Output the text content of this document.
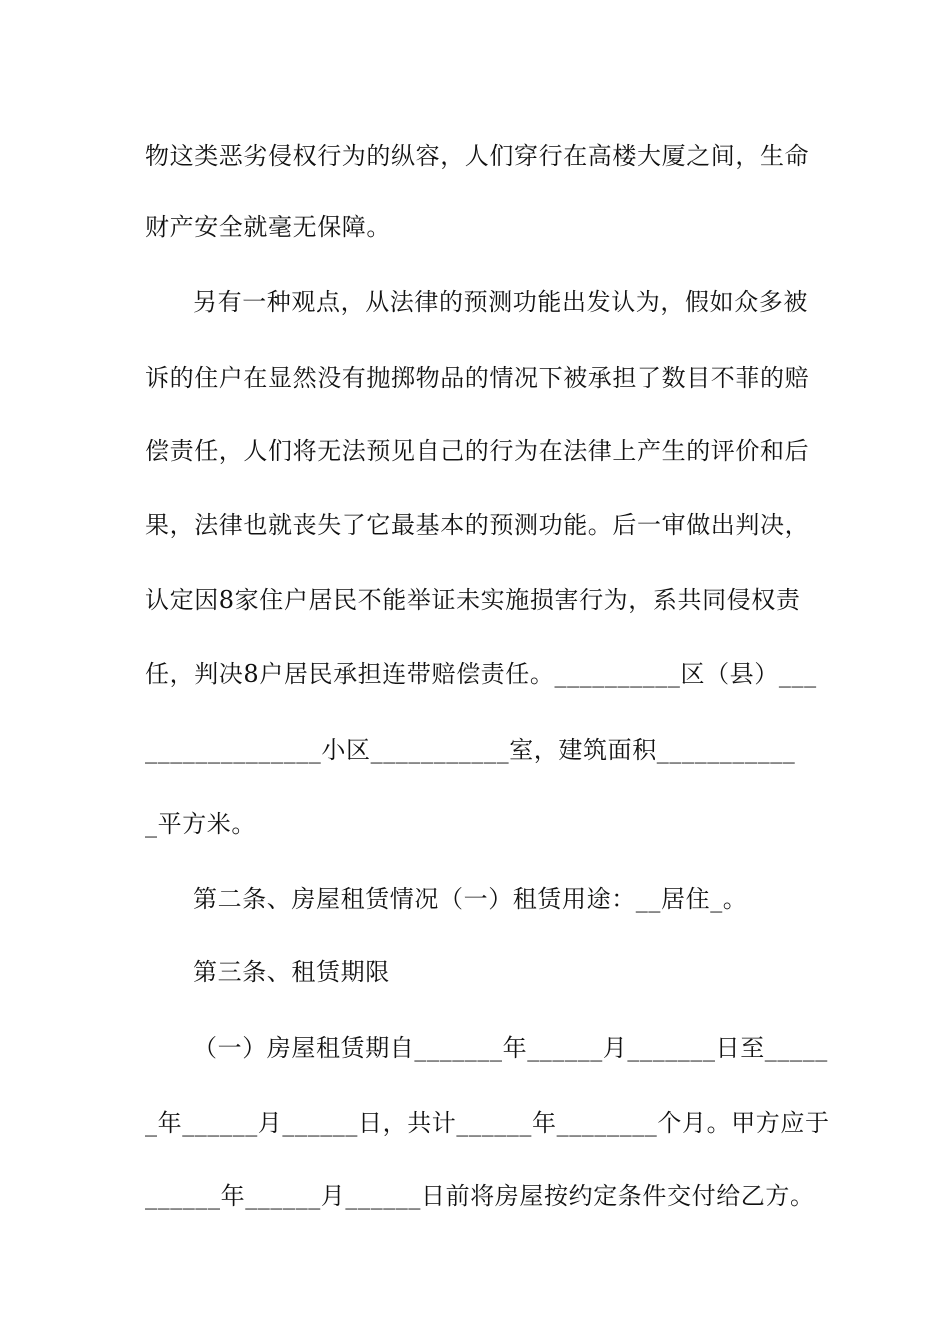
物这类恶劣侵权行为的纵容，人们穿行在高楼大厦之间，生命
财产安全就毫无保障。
另有一种观点，从法律的预测功能出发认为，假如众多被
诉的住户在显然没有抛掷物品的情况下被承担了数目不菲的赔
偿责任，人们将无法预见自己的行为在法律上产生的评价和后
果，法律也就丧失了它最基本的预测功能。后一审做出判决，
认定因8家住户居民不能举证未实施损害行为，系共同侵权责
任，判决8户居民承担连带赔偿责任。__________区（县）___
______________小区___________室，建筑面积___________
_平方米。
第二条、房屋租赁情况（一）租赁用途：__居住_。
第三条、租赁期限
（一）房屋租赁期自_______年______月_______日至_____
_年______月______日，共计______年________个月。甲方应于
______年______月______日前将房屋按约定条件交付给乙方。
